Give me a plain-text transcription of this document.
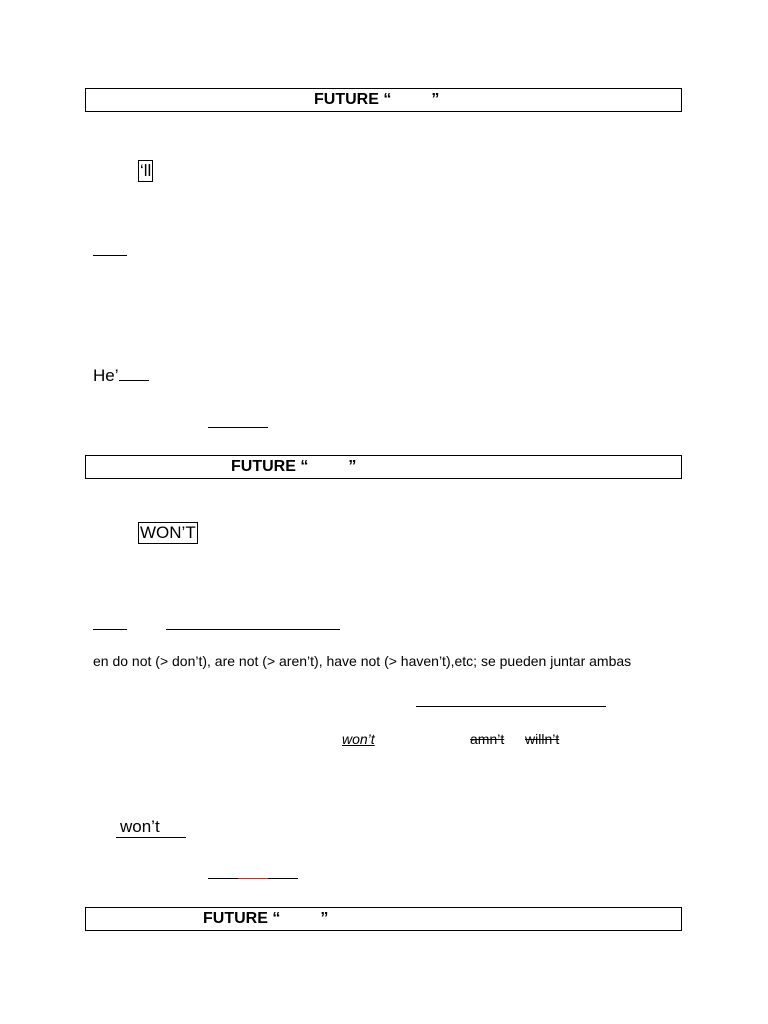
FUTURE “         ”
‘ll
He’
FUTURE “         ”
WON’T
en do not (> don’t), are not (> aren’t), have not (> haven’t),etc; se pueden juntar ambas
won’t	amn’t willn’t
won’t
FUTURE “         ”
